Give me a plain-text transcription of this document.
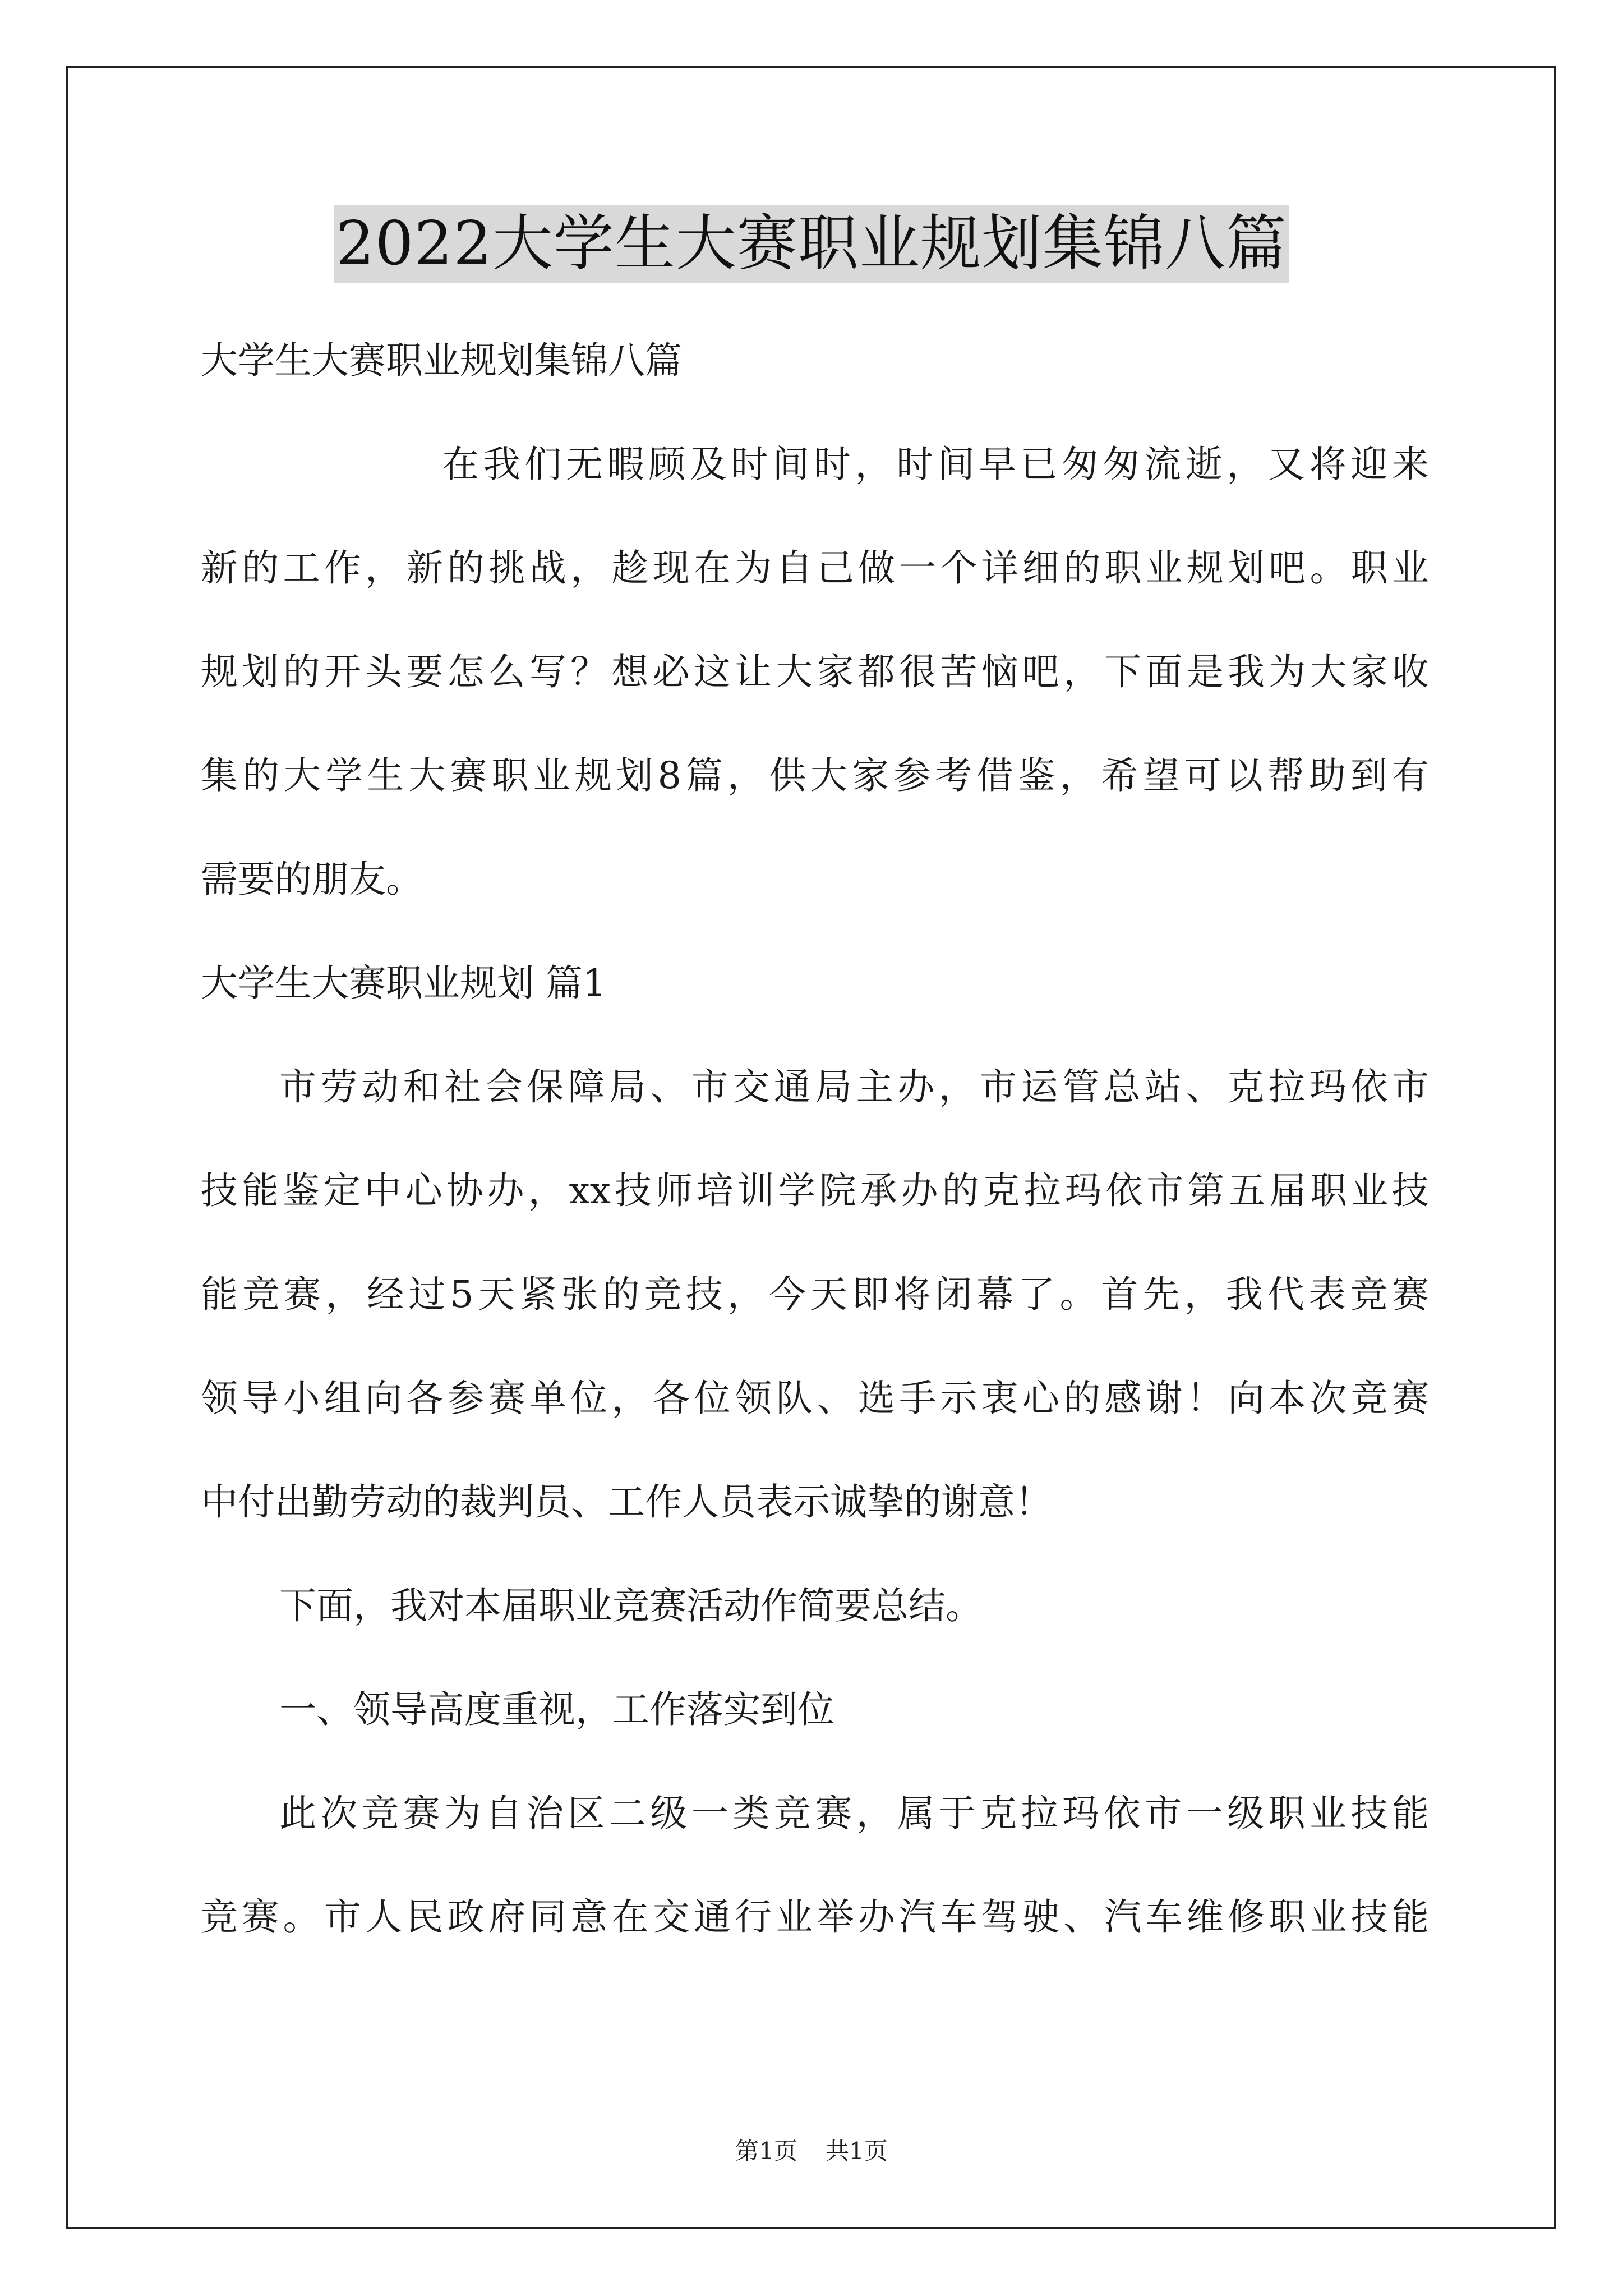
2022大学生大赛职业规划集锦八篇
大学生大赛职业规划集锦八篇
在我们无暇顾及时间时，时间早已匆匆流逝，又将迎来
新的工作，新的挑战，趁现在为自己做一个详细的职业规划吧。职业
规划的开头要怎么写？想必这让大家都很苦恼吧，下面是我为大家收
集的大学生大赛职业规划8篇，供大家参考借鉴，希望可以帮助到有
需要的朋友。
大学生大赛职业规划 篇1
市劳动和社会保障局、市交通局主办，市运管总站、克拉玛依市
技能鉴定中心协办，xx技师培训学院承办的克拉玛依市第五届职业技
能竞赛，经过5天紧张的竞技，今天即将闭幕了。首先，我代表竞赛
领导小组向各参赛单位，各位领队、选手示衷心的感谢！向本次竞赛
中付出勤劳动的裁判员、工作人员表示诚挚的谢意！
下面，我对本届职业竞赛活动作简要总结。
一、领导高度重视，工作落实到位
此次竞赛为自治区二级一类竞赛，属于克拉玛依市一级职业技能
竞赛。市人民政府同意在交通行业举办汽车驾驶、汽车维修职业技能
第1页 共1页
